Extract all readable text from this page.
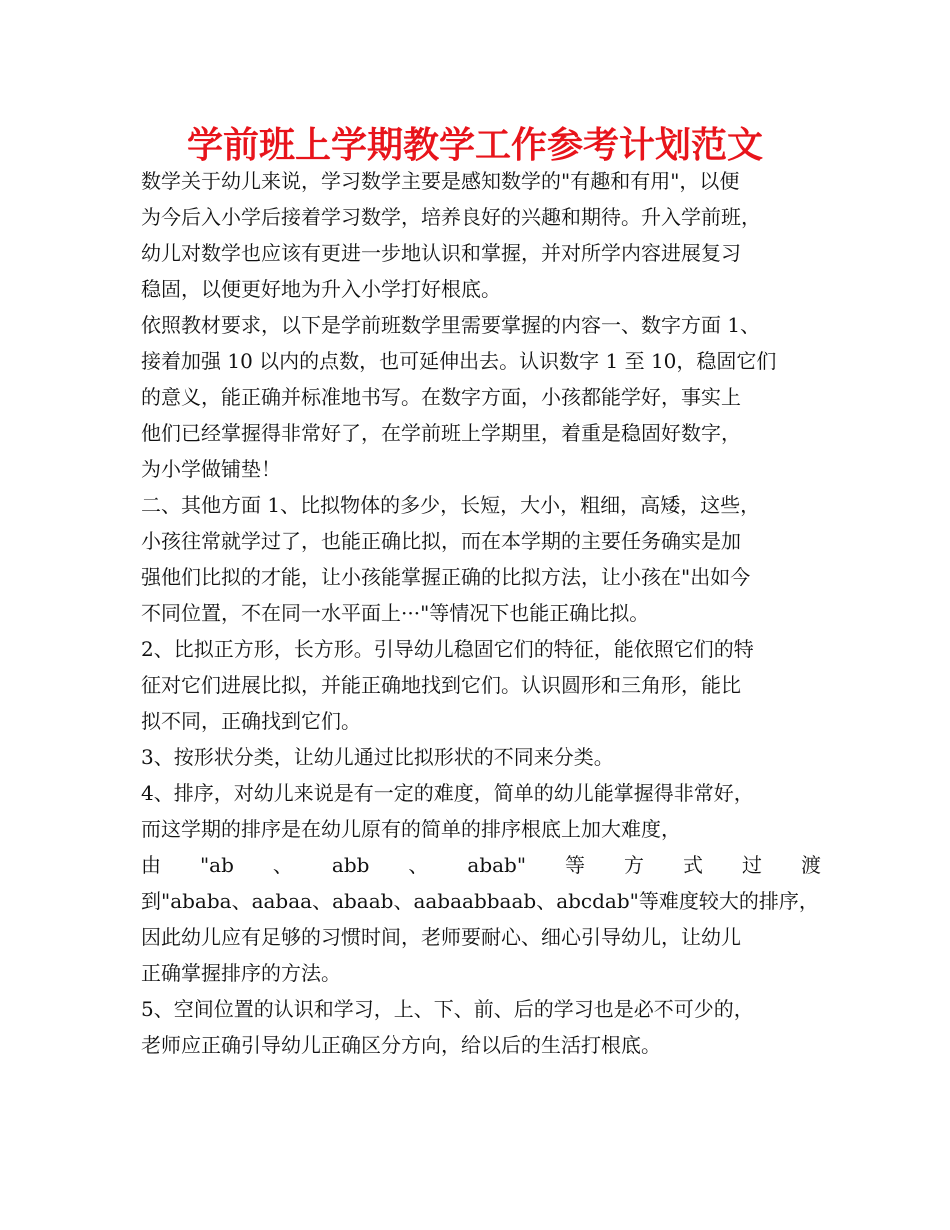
学前班上学期教学工作参考计划范文
数学关于幼儿来说，学习数学主要是感知数学的"有趣和有用"，以便
为今后入小学后接着学习数学，培养良好的兴趣和期待。升入学前班，
幼儿对数学也应该有更进一步地认识和掌握，并对所学内容进展复习
稳固，以便更好地为升入小学打好根底。
依照教材要求，以下是学前班数学里需要掌握的内容一、数字方面 1、
接着加强 10 以内的点数，也可延伸出去。认识数字 1 至 10，稳固它们
的意义，能正确并标准地书写。在数字方面，小孩都能学好，事实上
他们已经掌握得非常好了，在学前班上学期里，着重是稳固好数字，
为小学做铺垫！
二、其他方面 1、比拟物体的多少，长短，大小，粗细，高矮，这些，
小孩往常就学过了，也能正确比拟，而在本学期的主要任务确实是加
强他们比拟的才能，让小孩能掌握正确的比拟方法，让小孩在"出如今
不同位置，不在同一水平面上···"等情况下也能正确比拟。
2、比拟正方形，长方形。引导幼儿稳固它们的特征，能依照它们的特
征对它们进展比拟，并能正确地找到它们。认识圆形和三角形，能比
拟不同，正确找到它们。
3、按形状分类，让幼儿通过比拟形状的不同来分类。
4、排序，对幼儿来说是有一定的难度，简单的幼儿能掌握得非常好，
而这学期的排序是在幼儿原有的简单的排序根底上加大难度，
由 "ab 、 abb 、 abab" 等 方 式 过 渡
到"ababa、aabaa、abaab、aabaabbaab、abcdab"等难度较大的排序，
因此幼儿应有足够的习惯时间，老师要耐心、细心引导幼儿，让幼儿
正确掌握排序的方法。
5、空间位置的认识和学习，上、下、前、后的学习也是必不可少的，
老师应正确引导幼儿正确区分方向，给以后的生活打根底。
